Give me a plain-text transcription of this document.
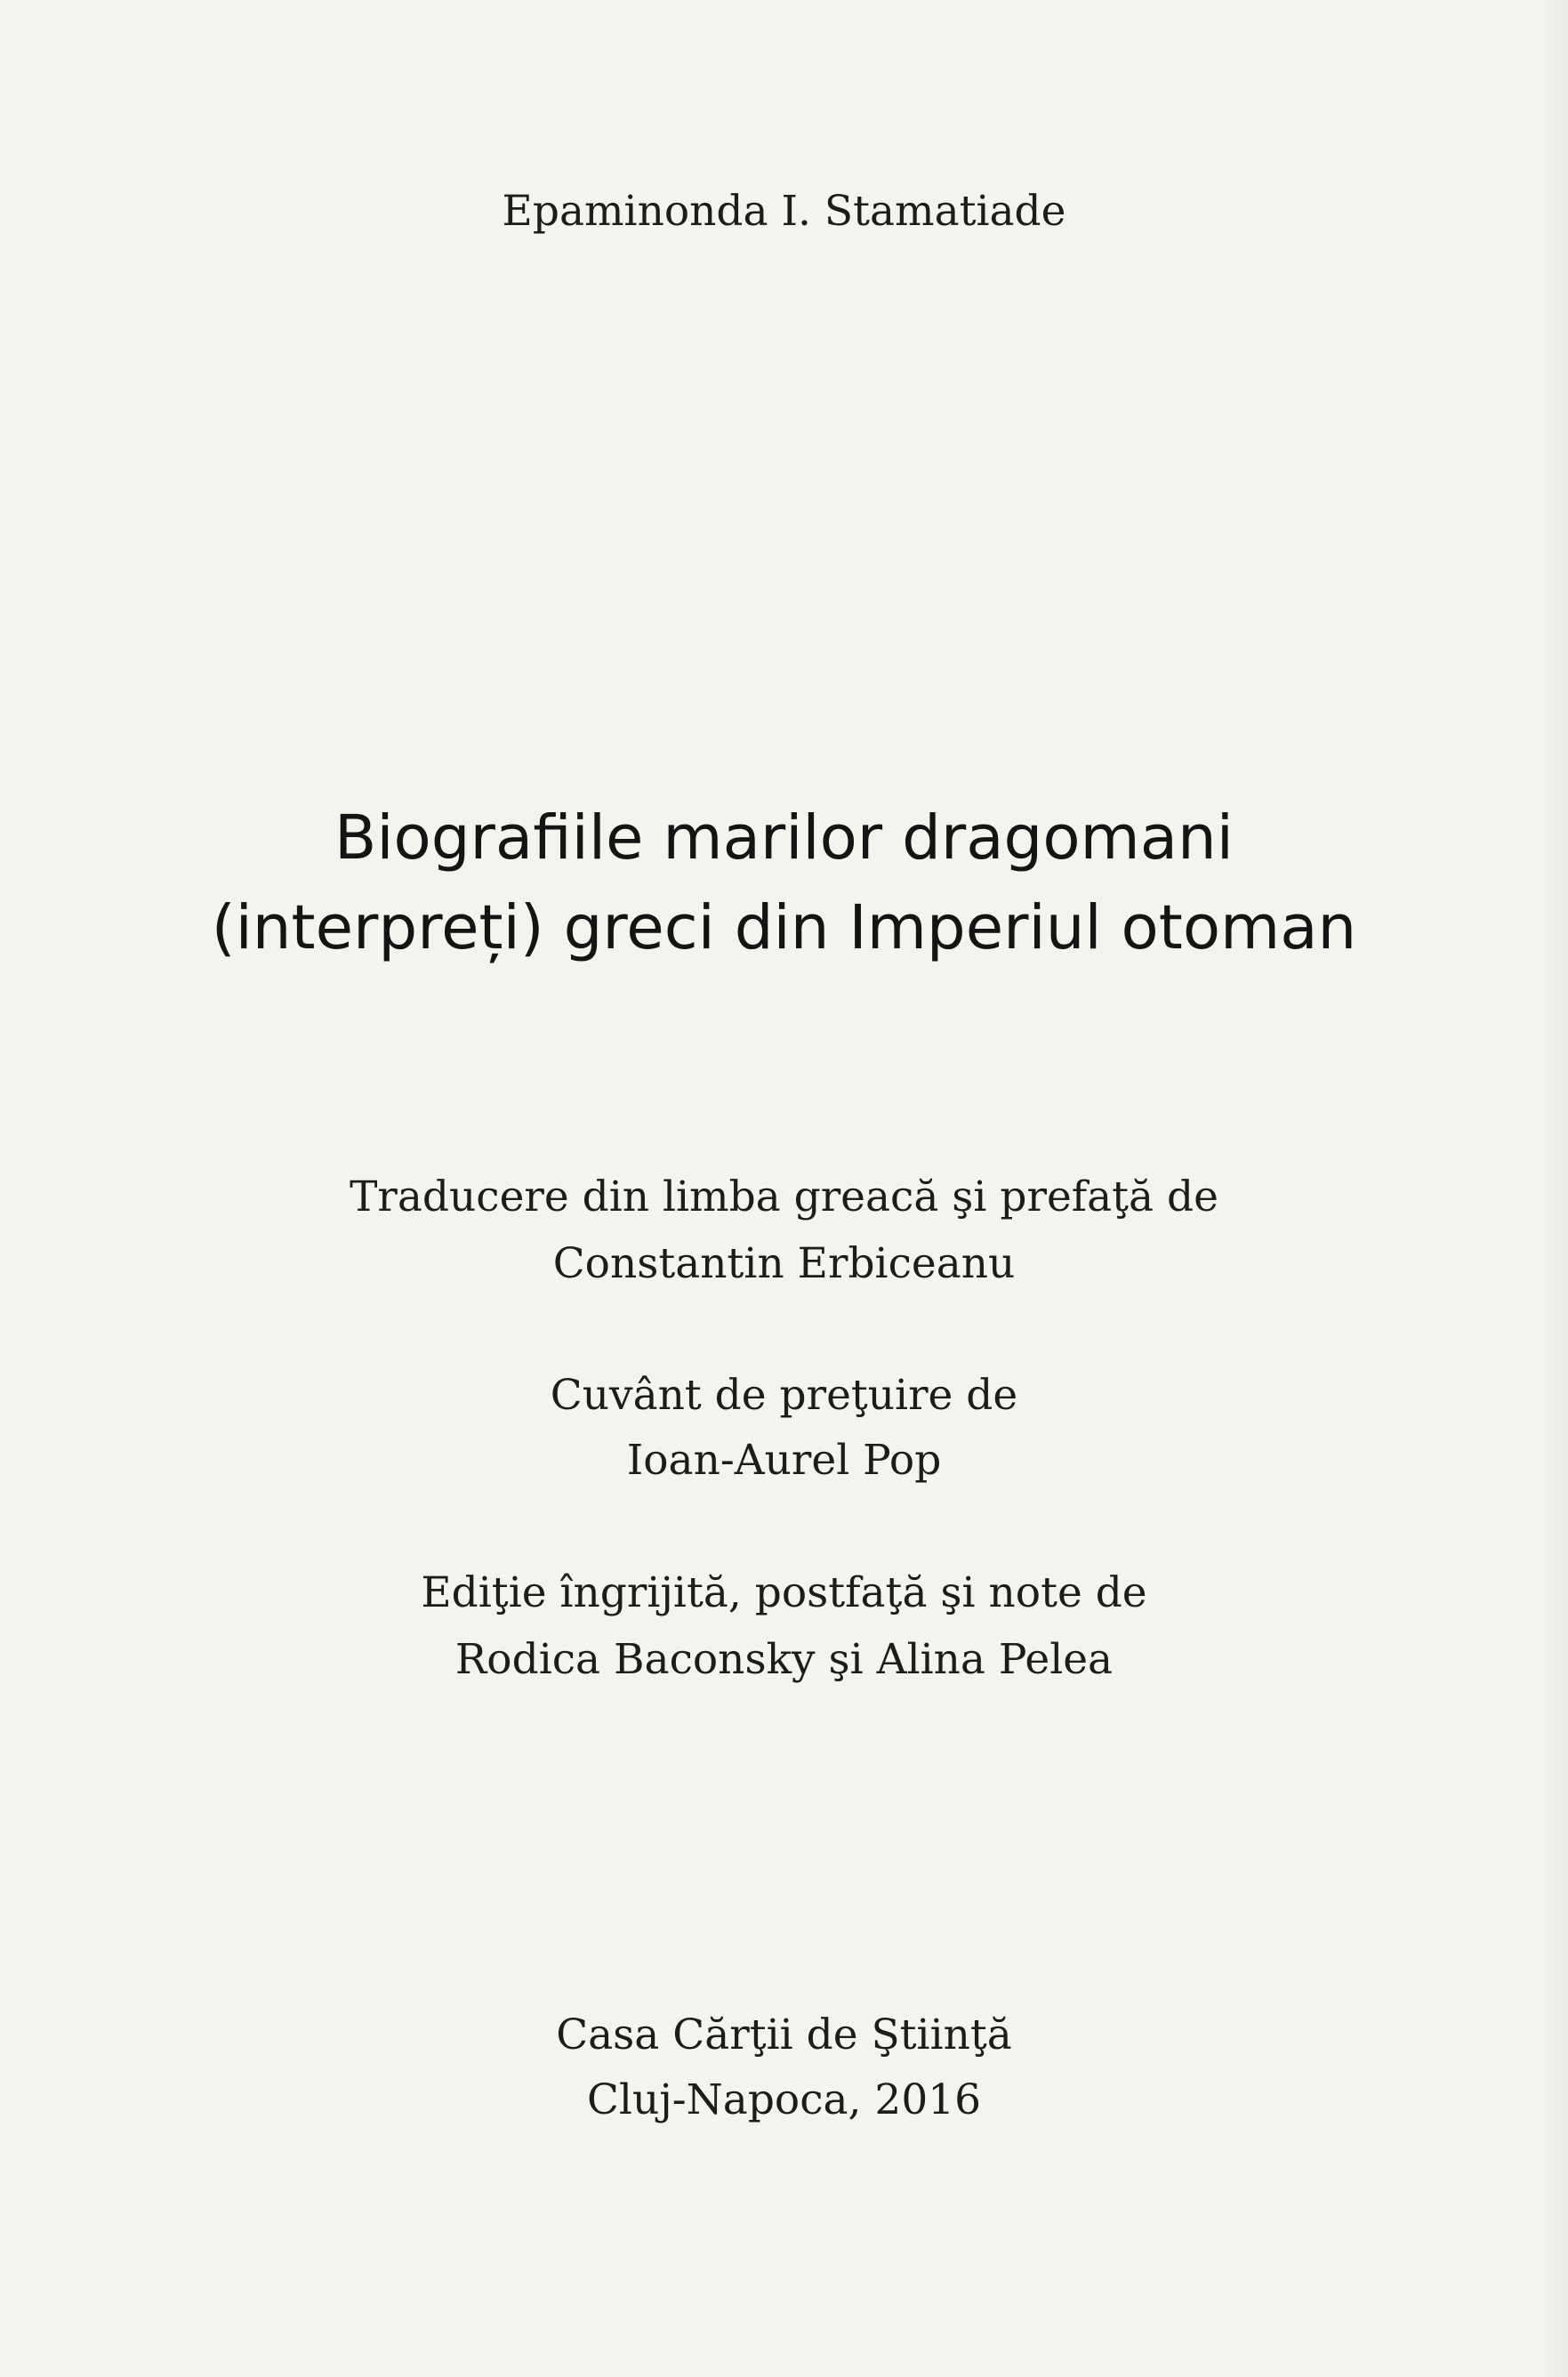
Epaminonda I. Stamatiade
Biografiile marilor dragomani
(interpreți) greci din Imperiul otoman
Traducere din limba greacă şi prefaţă de
Constantin Erbiceanu
Cuvânt de preţuire de
Ioan-Aurel Pop
Ediţie îngrijită, postfaţă şi note de
Rodica Baconsky şi Alina Pelea
Casa Cărţii de Ştiinţă
Cluj-Napoca, 2016
